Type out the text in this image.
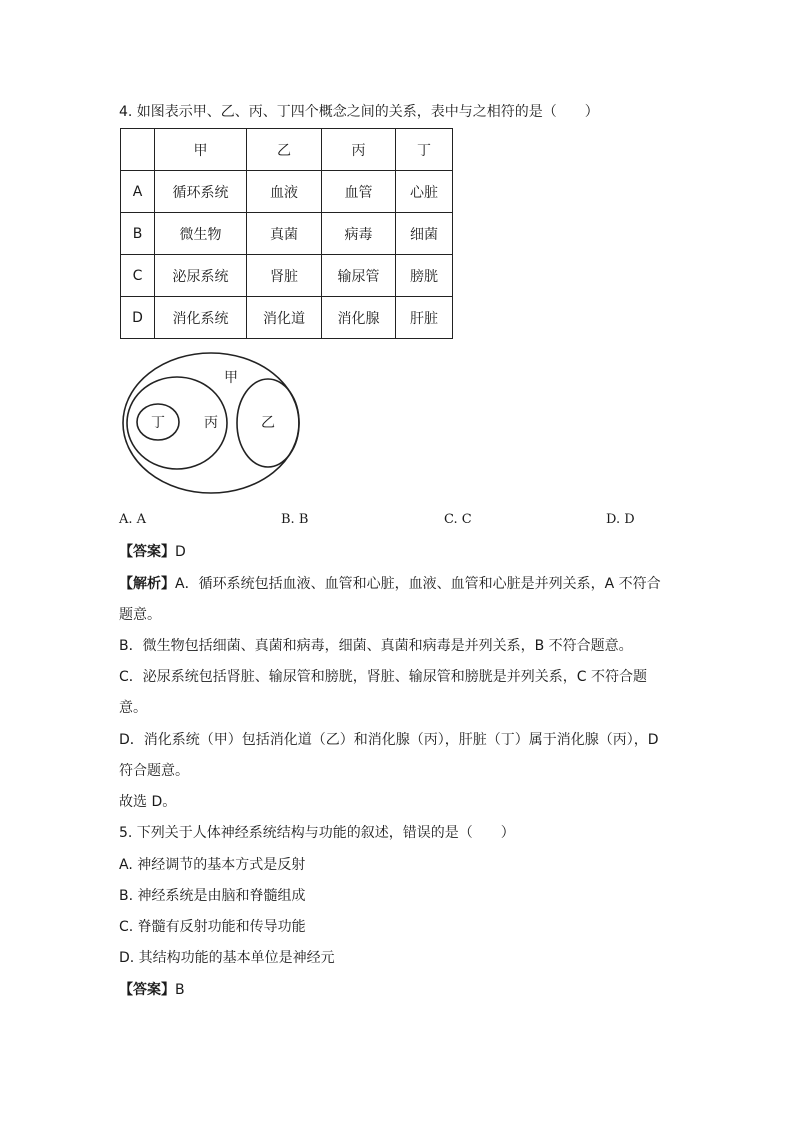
4. 如图表示甲、乙、丙、丁四个概念之间的关系，表中与之相符的是（　　）
	甲	乙	丙	丁
A	循环系统	血液	血管	心脏
B	微生物	真菌	病毒	细菌
C	泌尿系统	肾脏	输尿管	膀胱
D	消化系统	消化道	消化腺	肝脏
甲
丁	丙	乙
A. A	B. B	C. C	D. D
【答案】D
【解析】A．循环系统包括血液、血管和心脏，血液、血管和心脏是并列关系，A 不符合
题意。
B．微生物包括细菌、真菌和病毒，细菌、真菌和病毒是并列关系，B 不符合题意。
C．泌尿系统包括肾脏、输尿管和膀胱，肾脏、输尿管和膀胱是并列关系，C 不符合题
意。
D．消化系统（甲）包括消化道（乙）和消化腺（丙），肝脏（丁）属于消化腺（丙），D
符合题意。
故选 D。
5. 下列关于人体神经系统结构与功能的叙述，错误的是（　　）
A. 神经调节的基本方式是反射
B. 神经系统是由脑和脊髓组成
C. 脊髓有反射功能和传导功能
D. 其结构功能的基本单位是神经元
【答案】B
